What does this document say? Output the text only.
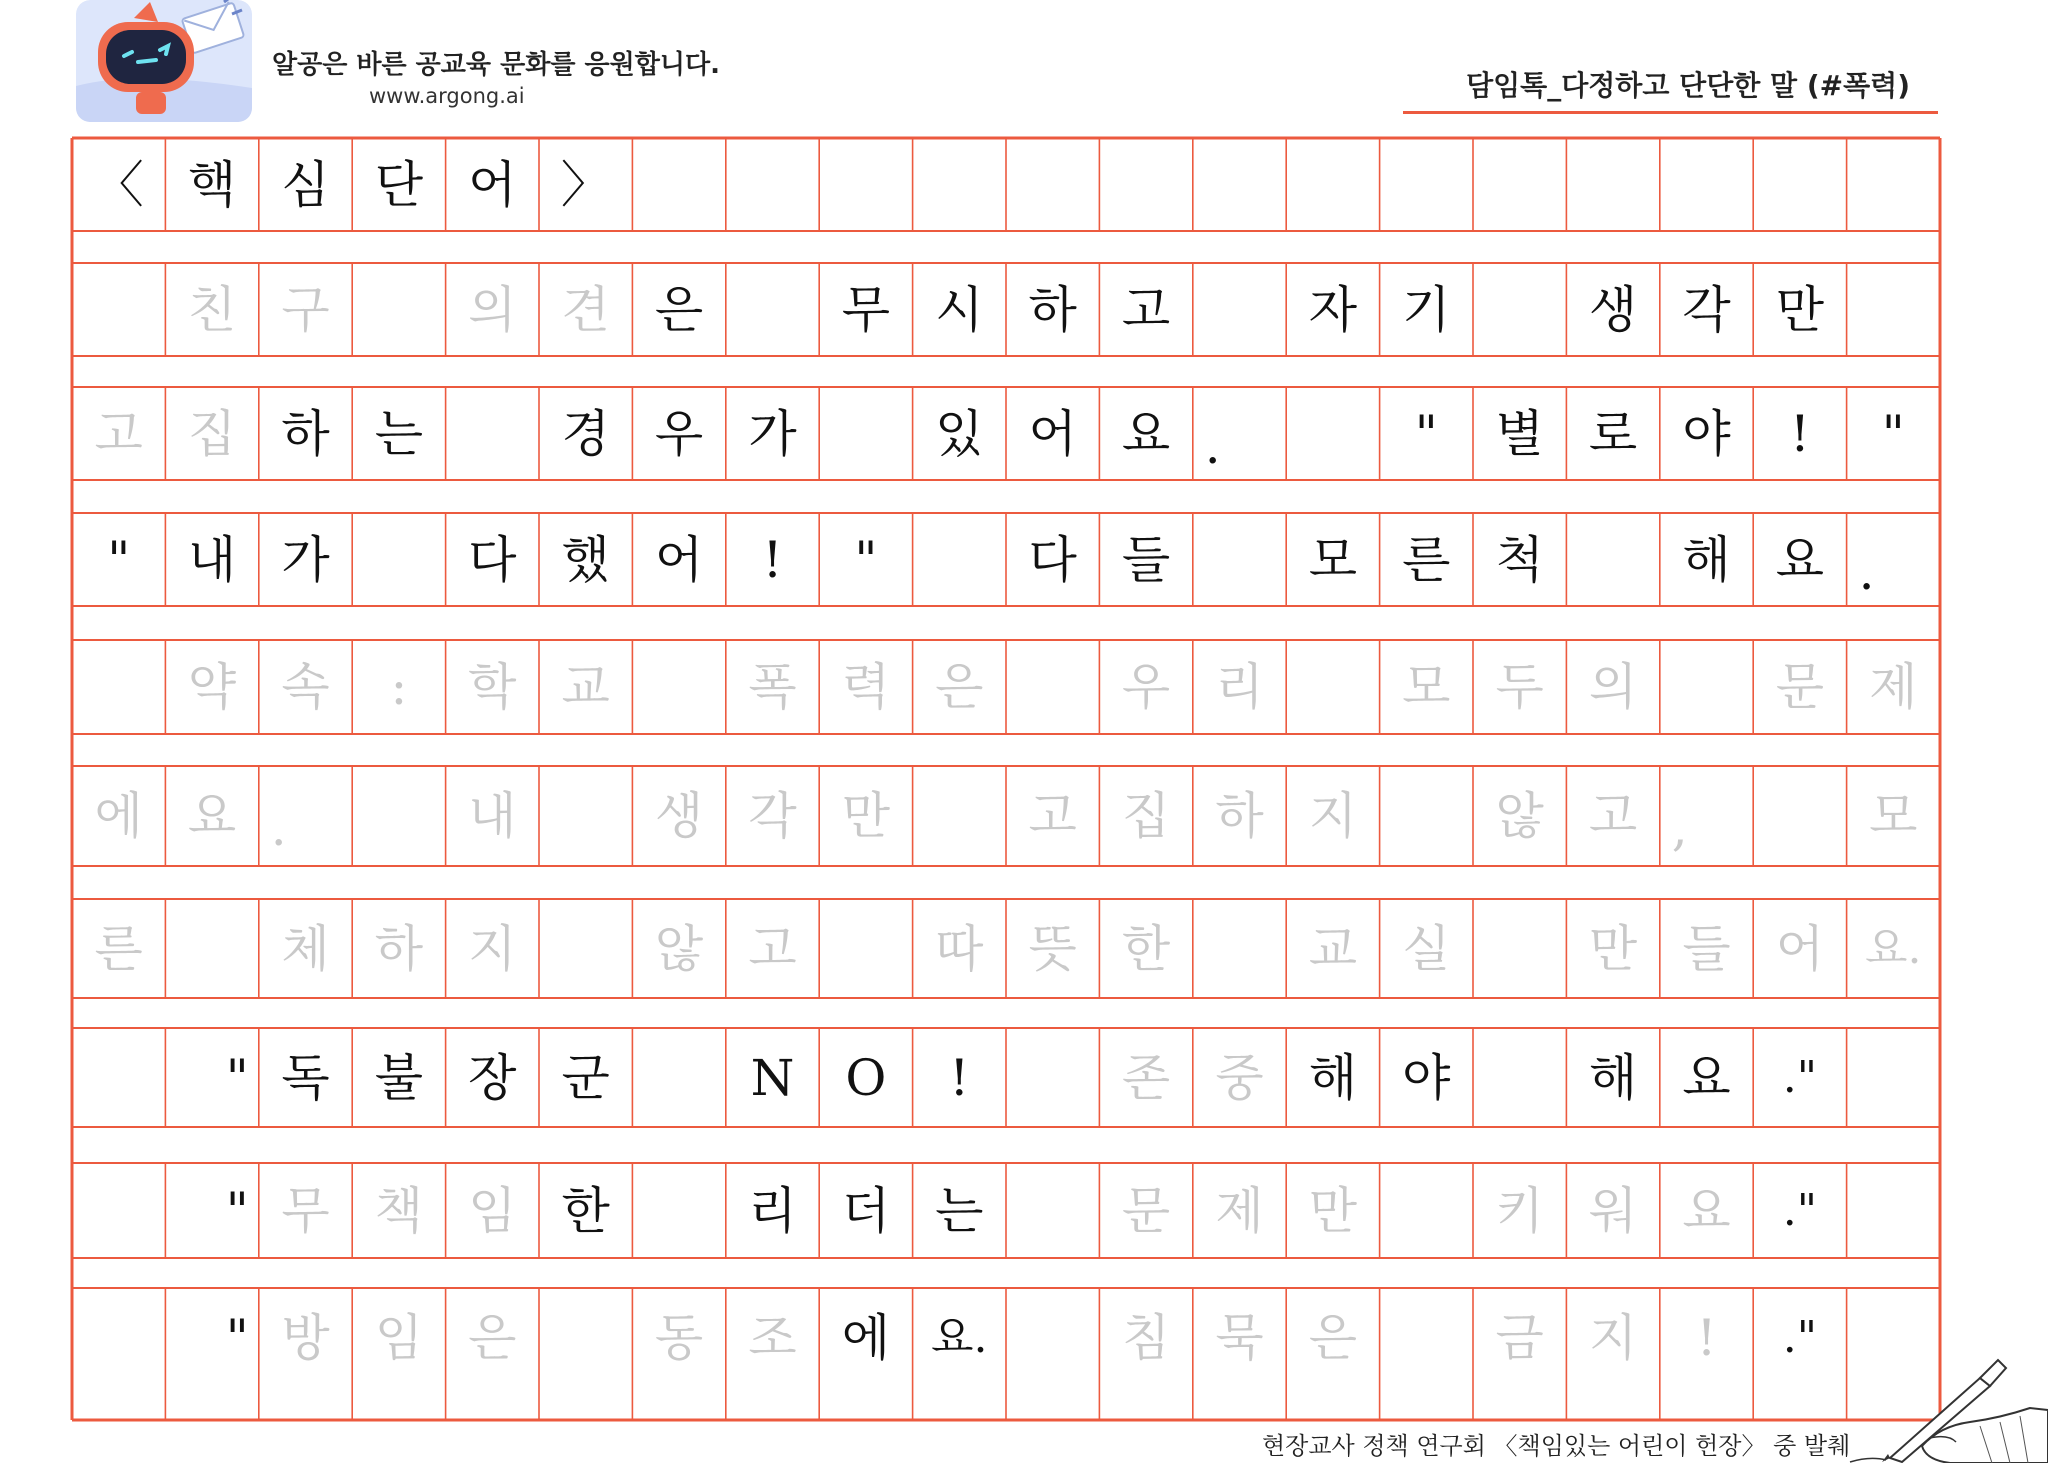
알공은 바른 공교육 문화를 응원합니다.
www.argong.ai	담임톡_다정하고 단단한 말 (#폭력)
〈 핵 심 단 어 〉
친 구	의 견 은	무 시 하 고	자 기	생 각 만
고 집 하 는	경 우 가	있 어 요 .	"	별 로 야	!	"
"	내 가	다 했 어	!	"	다 들	모 른 척	해 요 .
약 속	:	학 교	폭 력 은	우 리	모 두 의	문 제
에 요 .	내	생 각 만	고 집 하 지	않 고 ,	모
른	체 하 지	않 고	따 뜻 한	교 실	만 들 어 요.
" 독 불 장 군	N	O	!	존 중 해 야	해 요	."
" 무 책 임 한	리 더 는	문 제 만	키 워 요	."
" 방 임 은	동 조 에 요.	침 묵 은	금 지	!	."
현장교사 정책 연구회 〈책임있는 어린이 헌장〉 중 발췌
